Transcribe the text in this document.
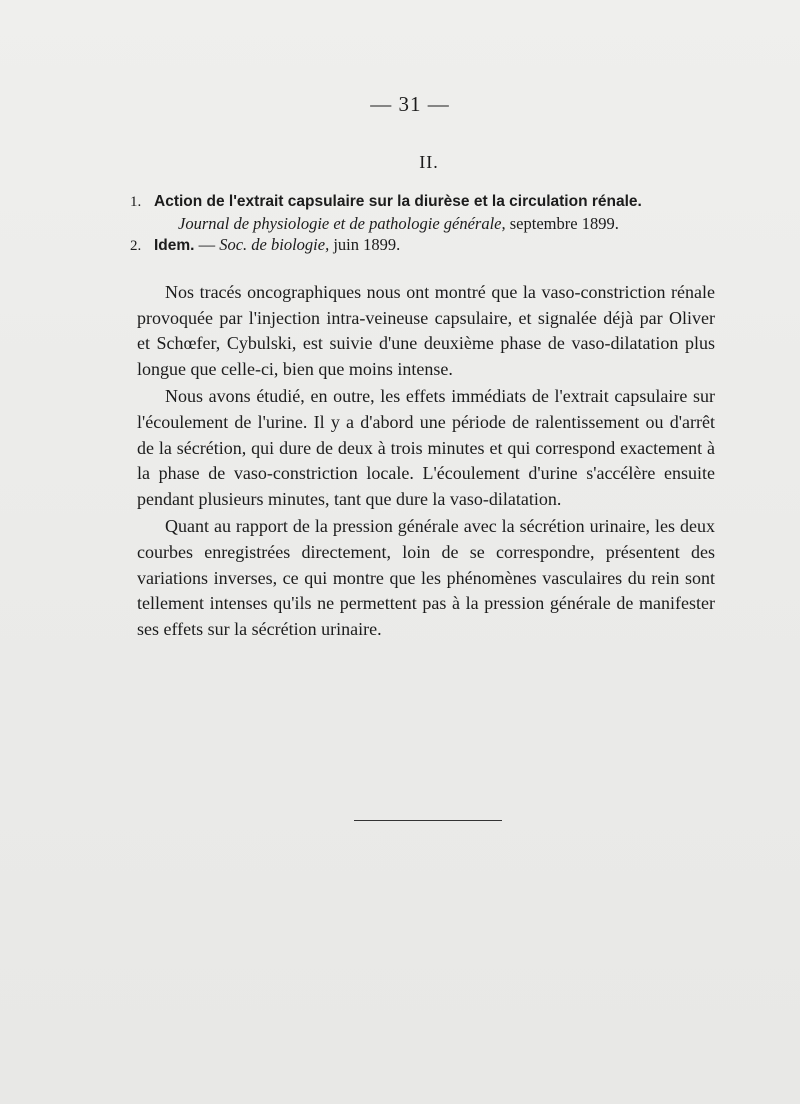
— 31 —
II.
1. Action de l'extrait capsulaire sur la diurèse et la circulation rénale.
Journal de physiologie et de pathologie générale, septembre 1899.
2. Idem. — Soc. de biologie, juin 1899.

Nos tracés oncographiques nous ont montré que la vaso-constriction rénale provoquée par l'injection intra-veineuse capsulaire, et signalée déjà par Oliver et Schœfer, Cybulski, est suivie d'une deuxième phase de vaso-dilatation plus longue que celle-ci, bien que moins intense.

Nous avons étudié, en outre, les effets immédiats de l'extrait capsulaire sur l'écoulement de l'urine. Il y a d'abord une période de ralentissement ou d'arrêt de la sécrétion, qui dure de deux à trois minutes et qui correspond exactement à la phase de vaso-constriction locale. L'écoulement d'urine s'accélère ensuite pendant plusieurs minutes, tant que dure la vaso-dilatation.

Quant au rapport de la pression générale avec la sécrétion urinaire, les deux courbes enregistrées directement, loin de se correspondre, présentent des variations inverses, ce qui montre que les phénomènes vasculaires du rein sont tellement intenses qu'ils ne permettent pas à la pression générale de manifester ses effets sur la sécrétion urinaire.
